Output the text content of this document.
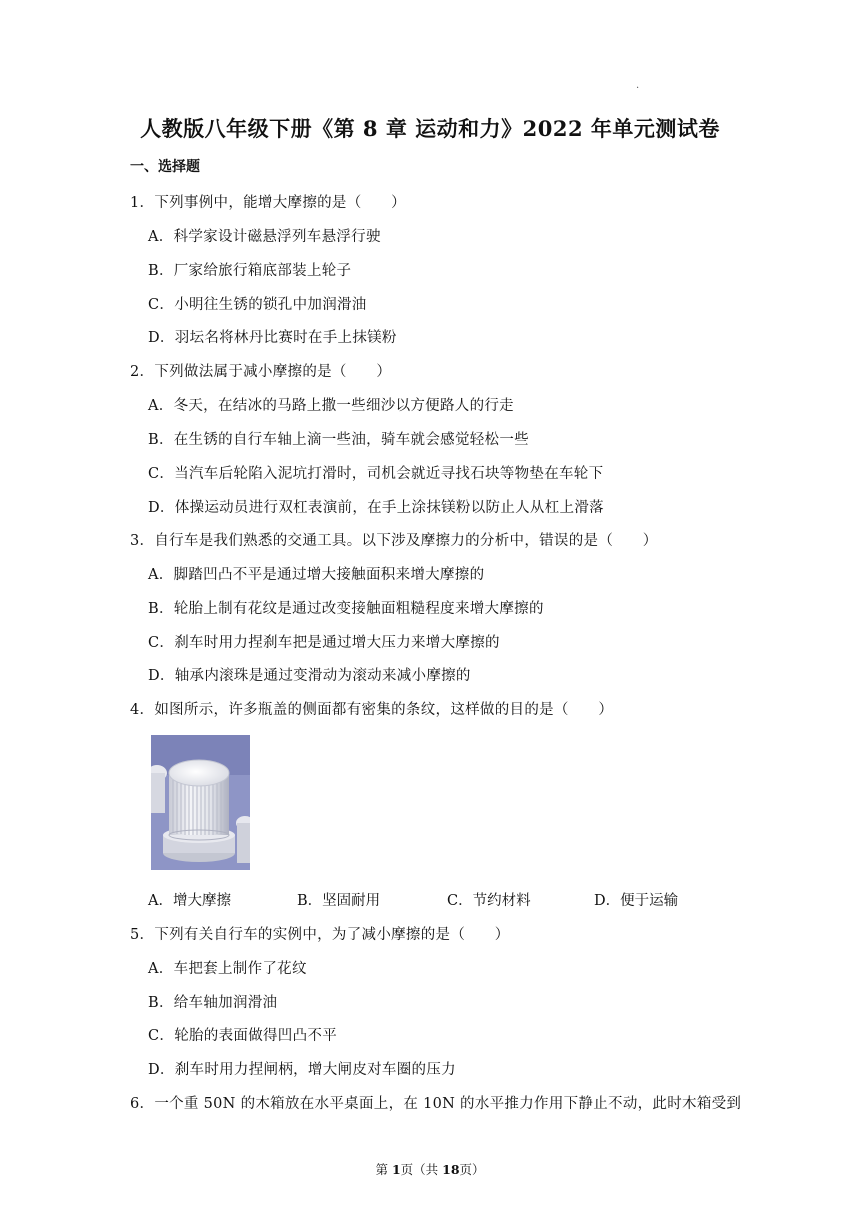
.
人教版八年级下册《第 8 章 运动和力》2022 年单元测试卷
一、选择题
1．下列事例中，能增大摩擦的是（　　）
A．科学家设计磁悬浮列车悬浮行驶
B．厂家给旅行箱底部装上轮子
C．小明往生锈的锁孔中加润滑油
D．羽坛名将林丹比赛时在手上抹镁粉
2．下列做法属于减小摩擦的是（　　）
A．冬天，在结冰的马路上撒一些细沙以方便路人的行走
B．在生锈的自行车轴上滴一些油，骑车就会感觉轻松一些
C．当汽车后轮陷入泥坑打滑时，司机会就近寻找石块等物垫在车轮下
D．体操运动员进行双杠表演前，在手上涂抹镁粉以防止人从杠上滑落
3．自行车是我们熟悉的交通工具。以下涉及摩擦力的分析中，错误的是（　　）
A．脚踏凹凸不平是通过增大接触面积来增大摩擦的
B．轮胎上制有花纹是通过改变接触面粗糙程度来增大摩擦的
C．刹车时用力捏刹车把是通过增大压力来增大摩擦的
D．轴承内滚珠是通过变滑动为滚动来减小摩擦的
4．如图所示，许多瓶盖的侧面都有密集的条纹，这样做的目的是（　　）
A．增大摩擦	B．坚固耐用	C．节约材料	D．便于运输
5．下列有关自行车的实例中，为了减小摩擦的是（　　）
A．车把套上制作了花纹
B．给车轴加润滑油
C．轮胎的表面做得凹凸不平
D．刹车时用力捏闸柄，增大闸皮对车圈的压力
6．一个重 50N 的木箱放在水平桌面上，在 10N 的水平推力作用下静止不动，此时木箱受到
第 1页（共 18页）
